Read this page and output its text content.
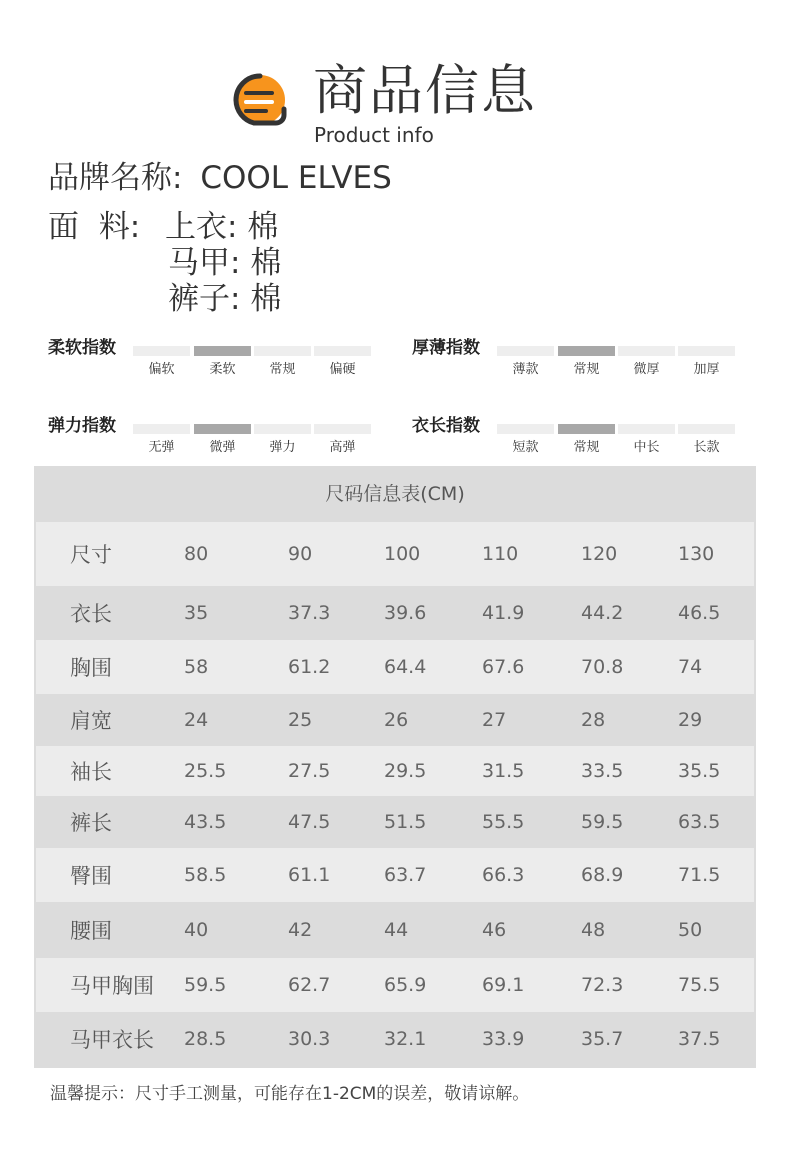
商品信息
Product info
品牌名称: COOL ELVES
面  料: 上衣: 棉
马甲: 棉
裤子: 棉
柔软指数
偏软	柔软	常规	偏硬
厚薄指数
薄款	常规	微厚	加厚
弹力指数
无弹	微弹	弹力	高弹
衣长指数
短款	常规	中长	长款
尺码信息表(CM)
尺寸	80	90	100	110	120	130
衣长	35	37.3	39.6	41.9	44.2	46.5
胸围	58	61.2	64.4	67.6	70.8	74
肩宽	24	25	26	27	28	29
袖长	25.5	27.5	29.5	31.5	33.5	35.5
裤长	43.5	47.5	51.5	55.5	59.5	63.5
臀围	58.5	61.1	63.7	66.3	68.9	71.5
腰围	40	42	44	46	48	50
马甲胸围 59.5	62.7	65.9	69.1	72.3	75.5
马甲衣长 28.5	30.3	32.1	33.9	35.7	37.5
温馨提示：尺寸手工测量，可能存在1-2CM的误差，敬请谅解。
